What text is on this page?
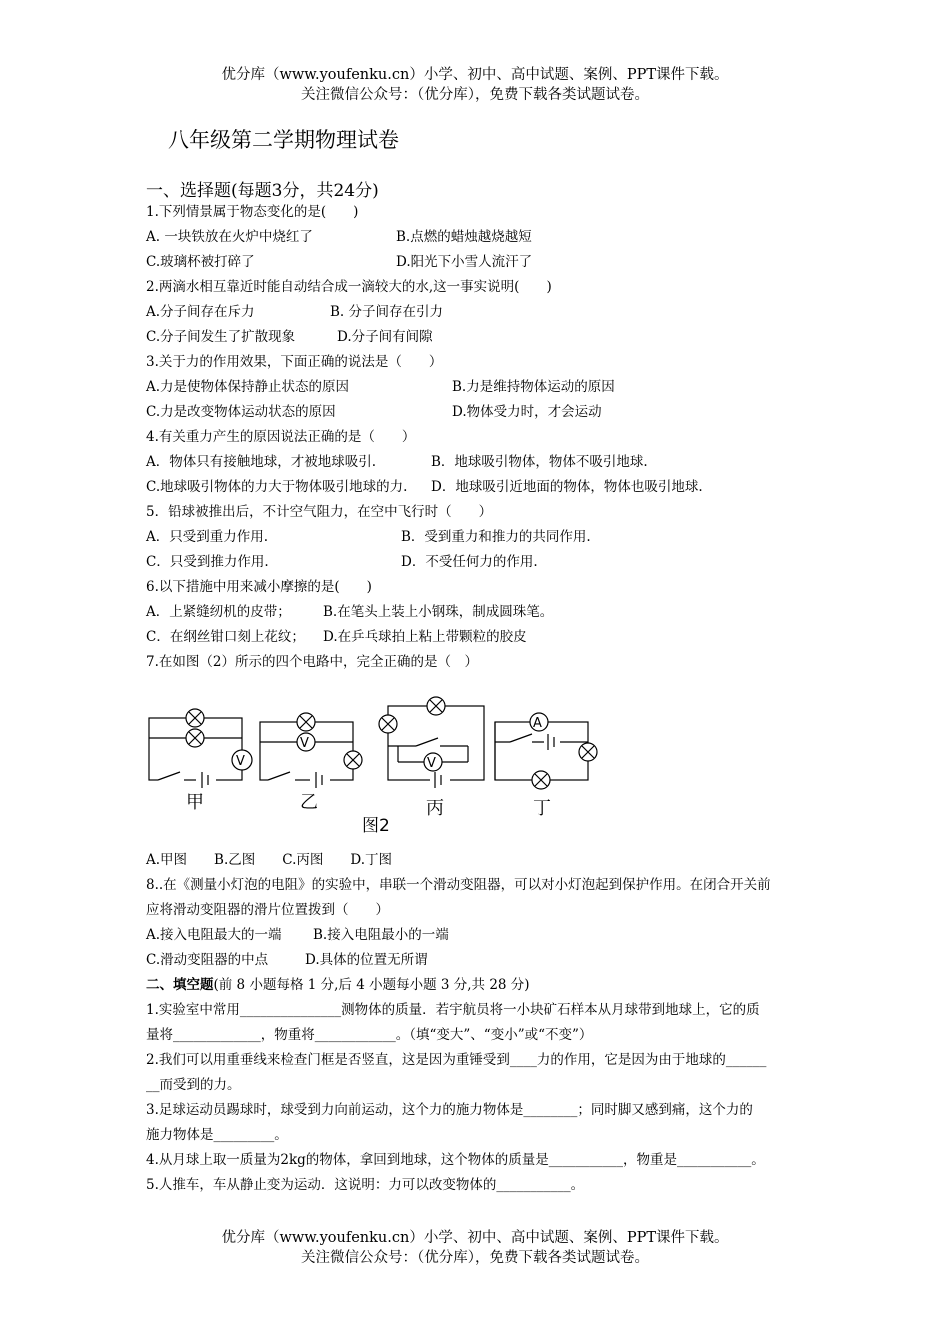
优分库（www.youfenku.cn）小学、初中、高中试题、案例、PPT课件下载。
关注微信公众号：（优分库），免费下载各类试题试卷。
八年级第二学期物理试卷
一、选择题(每题3分，共24分)
1.下列情景属于物态变化的是(　　)
A. 一块铁放在火炉中烧红了	B.点燃的蜡烛越烧越短
C.玻璃杯被打碎了	D.阳光下小雪人流汗了
2.两滴水相互靠近时能自动结合成一滴较大的水,这一事实说明(　　)
A.分子间存在斥力	B. 分子间存在引力
C.分子间发生了扩散现象	D.分子间有间隙
3.关于力的作用效果，下面正确的说法是（　　）
A.力是使物体保持静止状态的原因	B.力是维持物体运动的原因
C.力是改变物体运动状态的原因	D.物体受力时，才会运动
4.有关重力产生的原因说法正确的是（　　）
A．物体只有接触地球，才被地球吸引.	B．地球吸引物体，物体不吸引地球.
C.地球吸引物体的力大于物体吸引地球的力. D．地球吸引近地面的物体，物体也吸引地球.
5．铅球被推出后，不计空气阻力，在空中飞行时（　　）
A．只受到重力作用.	B．受到重力和推力的共同作用.
C．只受到推力作用.	D．不受任何力的作用.
6.以下措施中用来减小摩擦的是(　　)
A．上紧缝纫机的皮带； B.在笔头上装上小钢珠，制成圆珠笔。
C．在纲丝钳口刻上花纹； D.在乒乓球拍上粘上带颗粒的胶皮
7.在如图（2）所示的四个电路中，完全正确的是（　）
V
V
V
A
甲	乙	丙	丁
图2
A.甲图　　B.乙图　　C.丙图　　D.丁图
8..在《测量小灯泡的电阻》的实验中，串联一个滑动变阻器，可以对小灯泡起到保护作用。在闭合开关前
应将滑动变阻器的滑片位置拨到（　　）
A.接入电阻最大的一端 B.接入电阻最小的一端
C.滑动变阻器的中点	D.具体的位置无所谓
二、填空题(前 8 小题每格 1 分,后 4 小题每小题 3 分,共 28 分)
1.实验室中常用_______________测物体的质量．若宇航员将一小块矿石样本从月球带到地球上，它的质
量将_____________，物重将____________。（填“变大”、“变小”或“不变”）
2.我们可以用重垂线来检查门框是否竖直，这是因为重锤受到____力的作用，它是因为由于地球的______
__而受到的力。
3.足球运动员踢球时，球受到力向前运动，这个力的施力物体是________；同时脚又感到痛，这个力的
施力物体是_________。
4.从月球上取一质量为2kg的物体，拿回到地球，这个物体的质量是___________，物重是___________。
5.人推车，车从静止变为运动．这说明：力可以改变物体的___________。
优分库（www.youfenku.cn）小学、初中、高中试题、案例、PPT课件下载。
关注微信公众号：（优分库），免费下载各类试题试卷。
